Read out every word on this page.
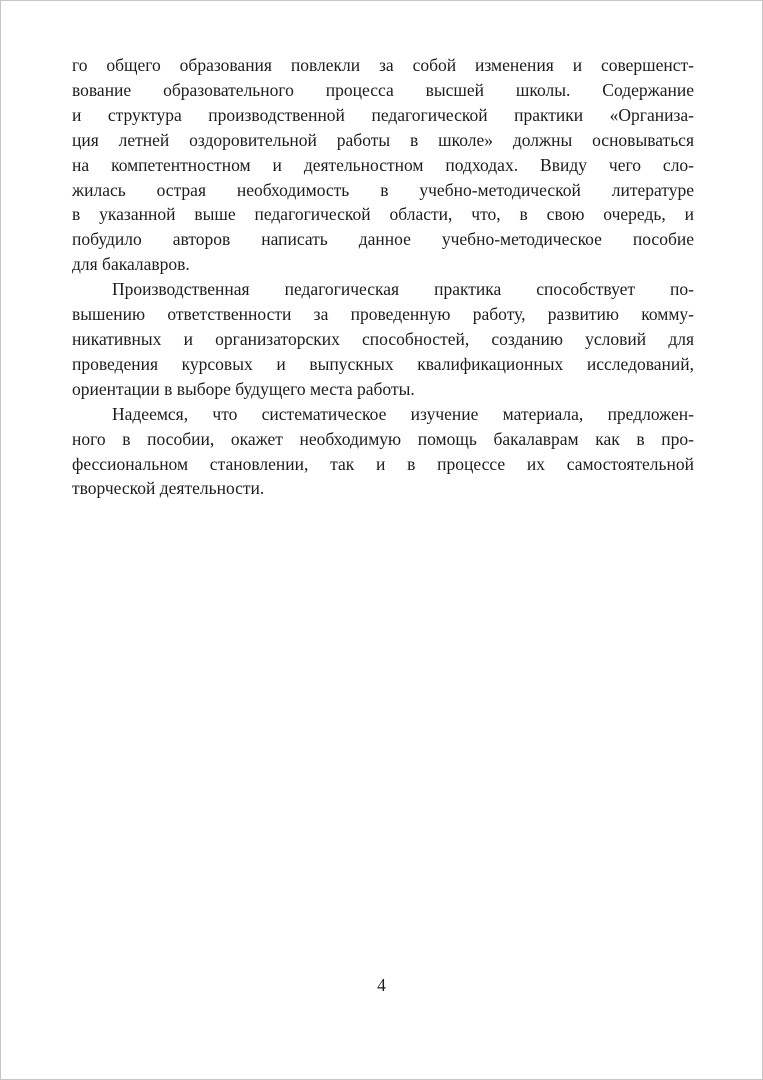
го общего образования повлекли за собой изменения и совершенст-
вование образовательного процесса высшей школы. Содержание
и структура производственной педагогической практики «Организа-
ция летней оздоровительной работы в школе» должны основываться
на компетентностном и деятельностном подходах. Ввиду чего сло-
жилась острая необходимость в учебно-методической литературе
в указанной выше педагогической области, что, в свою очередь, и
побудило авторов написать данное учебно-методическое пособие
для бакалавров.
Производственная педагогическая практика способствует по-
вышению ответственности за проведенную работу, развитию комму-
никативных и организаторских способностей, созданию условий для
проведения курсовых и выпускных квалификационных исследований,
ориентации в выборе будущего места работы.
Надеемся, что систематическое изучение материала, предложен-
ного в пособии, окажет необходимую помощь бакалаврам как в про-
фессиональном становлении, так и в процессе их самостоятельной
творческой деятельности.
4
